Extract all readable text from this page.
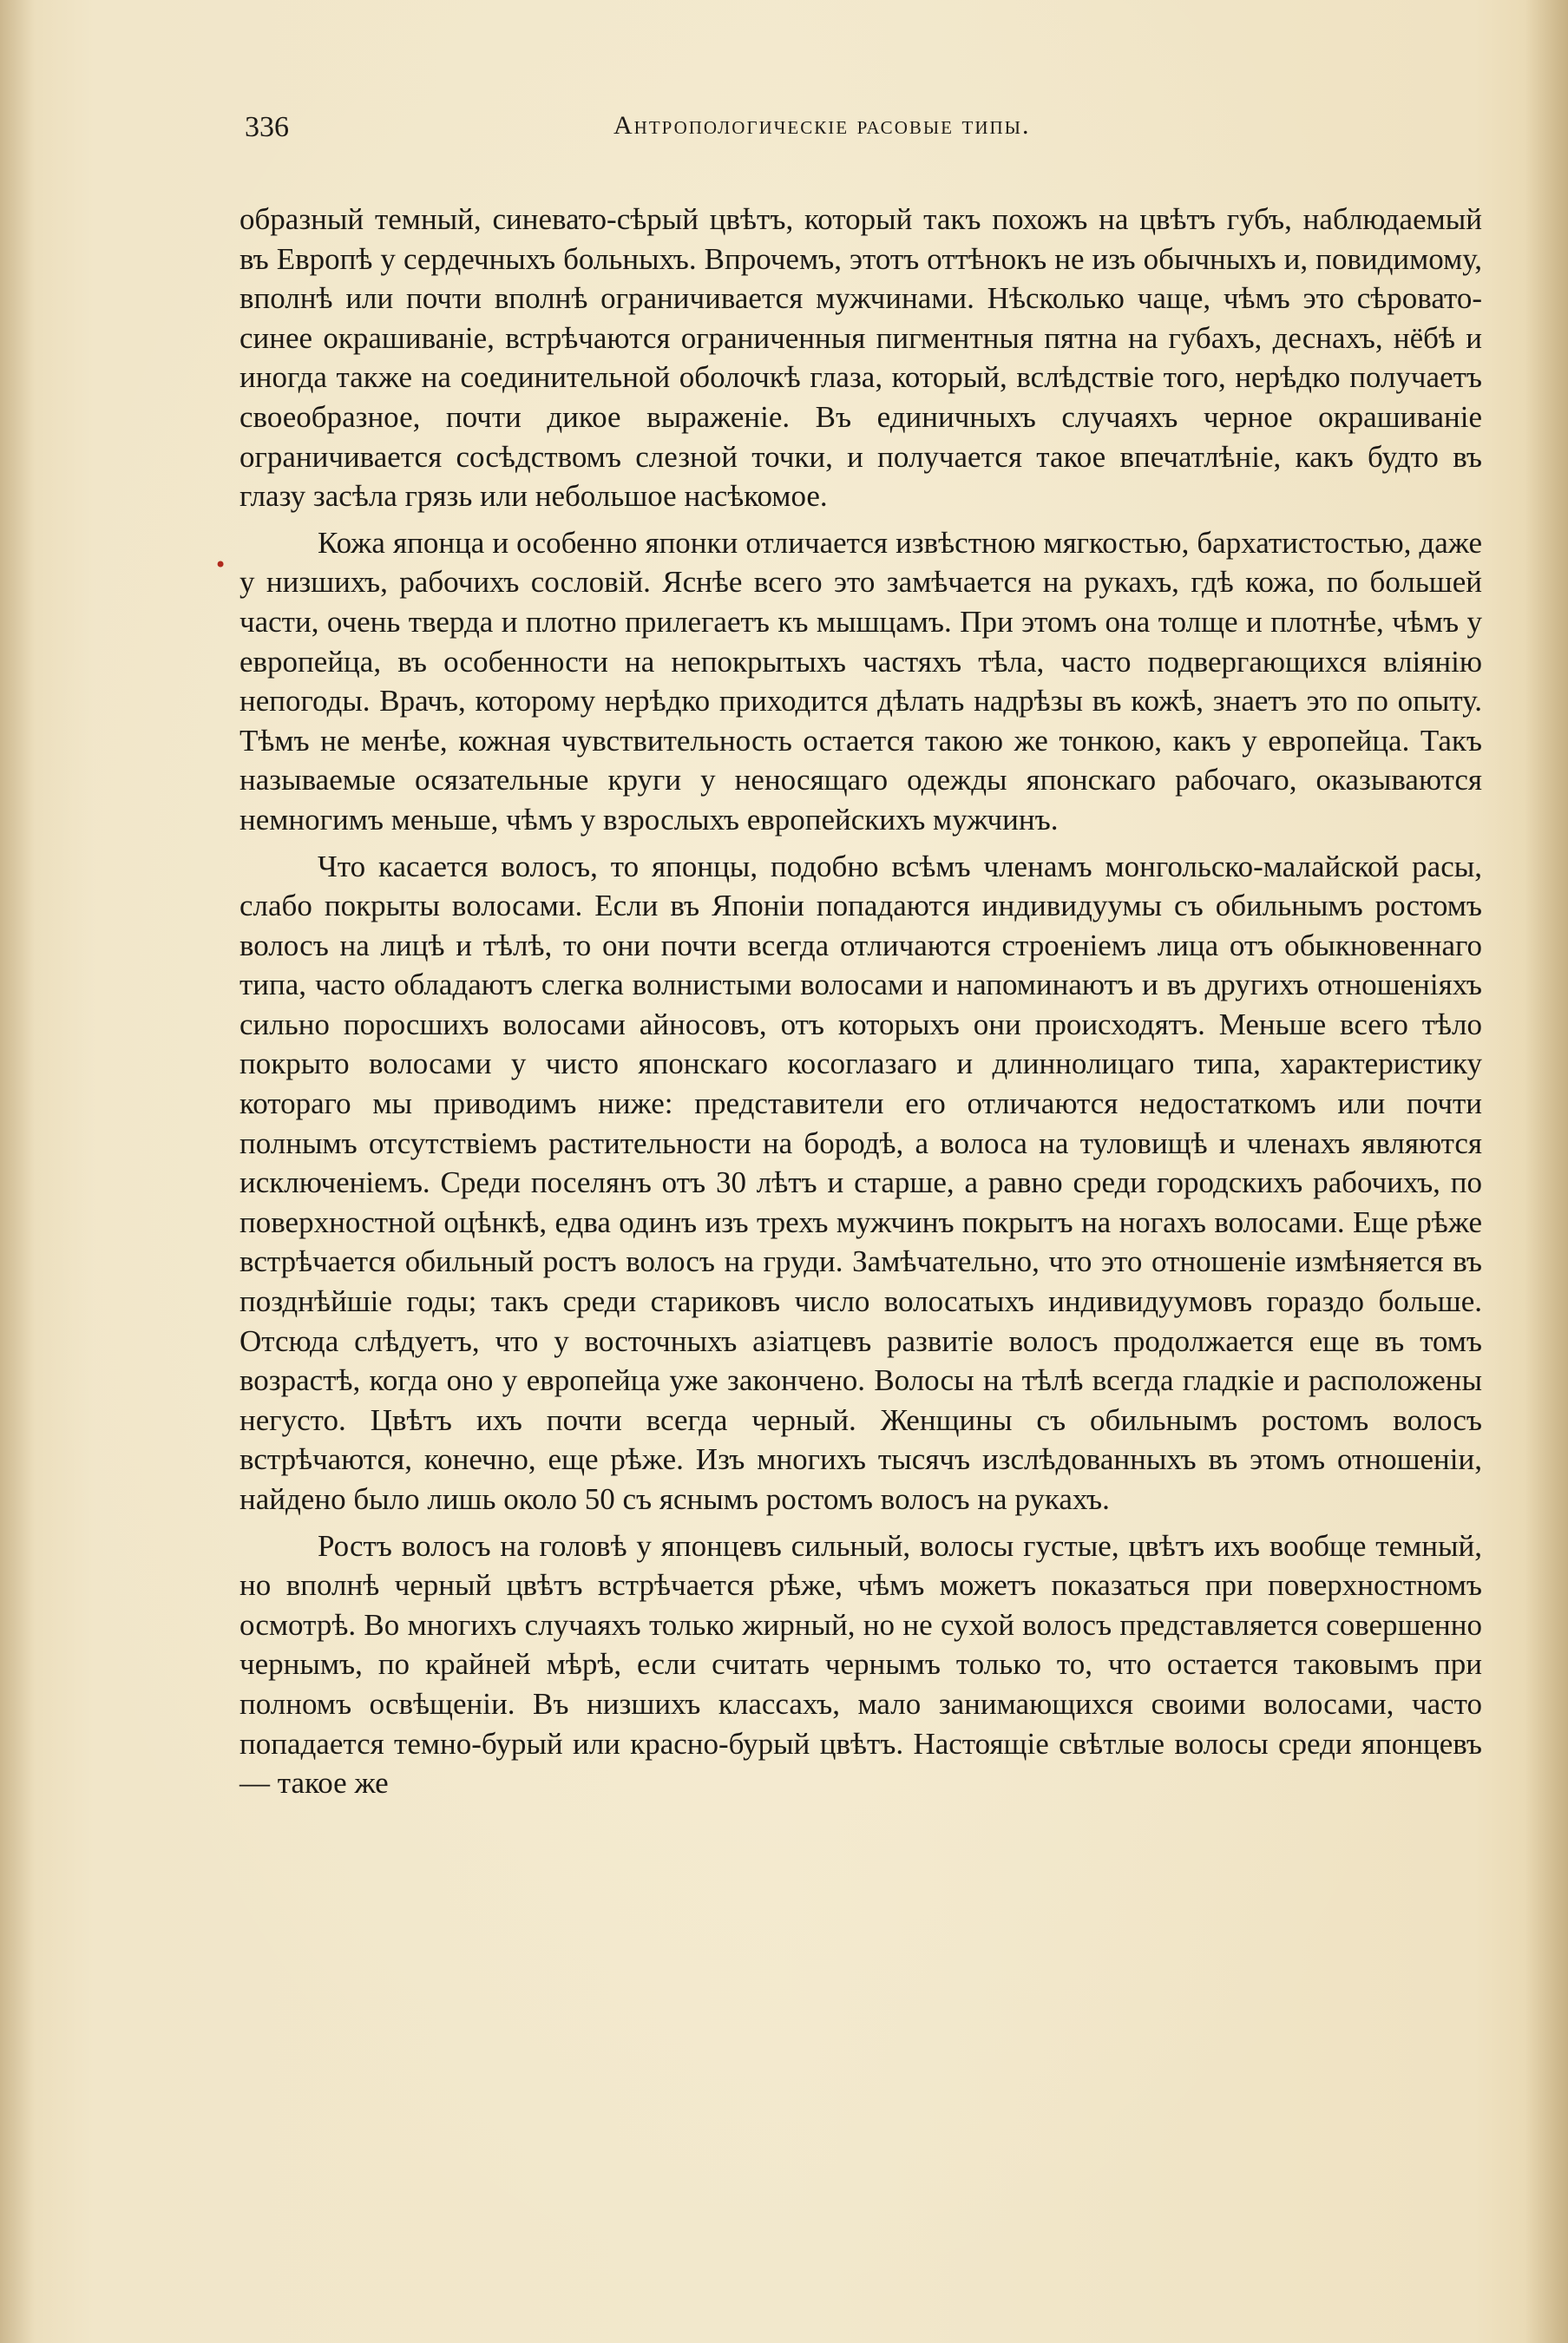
336	Антропологическiе расовые типы.
•

образный темный, синевато-сѣрый цвѣтъ, который такъ похожъ на цвѣтъ губъ, наблюдаемый въ Европѣ у сердечныхъ больныхъ. Впрочемъ, этотъ оттѣнокъ не изъ обычныхъ и, повидимому, вполнѣ или почти вполнѣ ограничивается мужчинами. Нѣсколько чаще, чѣмъ это сѣровато-синее окрашиванiе, встрѣчаются ограниченныя пигментныя пятна на губахъ, деснахъ, нёбѣ и иногда также на соединительной оболочкѣ глаза, который, вслѣдствiе того, нерѣдко получаетъ своеобразное, почти дикое выраженiе. Въ единичныхъ случаяхъ черное окрашиванiе ограничивается сосѣдствомъ слезной точки, и получается такое впечатлѣнiе, какъ будто въ глазу засѣла грязь или небольшое насѣкомое.

Кожа японца и особенно японки отличается извѣстною мягкостью, бархатистостью, даже у низшихъ, рабочихъ сословiй. Яснѣе всего это замѣчается на рукахъ, гдѣ кожа, по большей части, очень тверда и плотно прилегаетъ къ мышцамъ. При этомъ она толще и плотнѣе, чѣмъ у европейца, въ особенности на непокрытыхъ частяхъ тѣла, часто подвергающихся влiянiю непогоды. Врачъ, которому нерѣдко приходится дѣлать надрѣзы въ кожѣ, знаетъ это по опыту. Тѣмъ не менѣе, кожная чувствительность остается такою же тонкою, какъ у европейца. Такъ называемые осязательные круги у неносящаго одежды японскаго рабочаго, оказываются немногимъ меньше, чѣмъ у взрослыхъ европейскихъ мужчинъ.

Что касается волосъ, то японцы, подобно всѣмъ членамъ монгольско-малайской расы, слабо покрыты волосами. Если въ Японiи попадаются индивидуумы съ обильнымъ ростомъ волосъ на лицѣ и тѣлѣ, то они почти всегда отличаются строенiемъ лица отъ обыкновеннаго типа, часто обладаютъ слегка волнистыми волосами и напоминаютъ и въ другихъ отношенiяхъ сильно поросшихъ волосами айносовъ, отъ которыхъ они происходятъ. Меньше всего тѣло покрыто волосами у чисто японскаго косоглазаго и длиннолицаго типа, характеристику котораго мы приводимъ ниже: представители его отличаются недостаткомъ или почти полнымъ отсутствiемъ растительности на бородѣ, а волоса на туловищѣ и членахъ являются исключенiемъ. Среди поселянъ отъ 30 лѣтъ и старше, а равно среди городскихъ рабочихъ, по поверхностной оцѣнкѣ, едва одинъ изъ трехъ мужчинъ покрытъ на ногахъ волосами. Еще рѣже встрѣчается обильный ростъ волосъ на груди. Замѣчательно, что это отношенiе измѣняется въ позднѣйшiе годы; такъ среди стариковъ число волосатыхъ индивидуумовъ гораздо больше. Отсюда слѣдуетъ, что у восточныхъ азiатцевъ развитiе волосъ продолжается еще въ томъ возрастѣ, когда оно у европейца уже закончено. Волосы на тѣлѣ всегда гладкiе и расположены негусто. Цвѣтъ ихъ почти всегда черный. Женщины съ обильнымъ ростомъ волосъ встрѣчаются, конечно, еще рѣже. Изъ многихъ тысячъ изслѣдованныхъ въ этомъ отношенiи, найдено было лишь около 50 съ яснымъ ростомъ волосъ на рукахъ.

Ростъ волосъ на головѣ у японцевъ сильный, волосы густые, цвѣтъ ихъ вообще темный, но вполнѣ черный цвѣтъ встрѣчается рѣже, чѣмъ можетъ показаться при поверхностномъ осмотрѣ. Во многихъ случаяхъ только жирный, но не сухой волосъ представляется совершенно чернымъ, по крайней мѣрѣ, если считать чернымъ только то, что остается таковымъ при полномъ освѣщенiи. Въ низшихъ классахъ, мало занимающихся своими волосами, часто попадается темно-бурый или красно-бурый цвѣтъ. Настоящiе свѣтлые волосы среди японцевъ — такое же
